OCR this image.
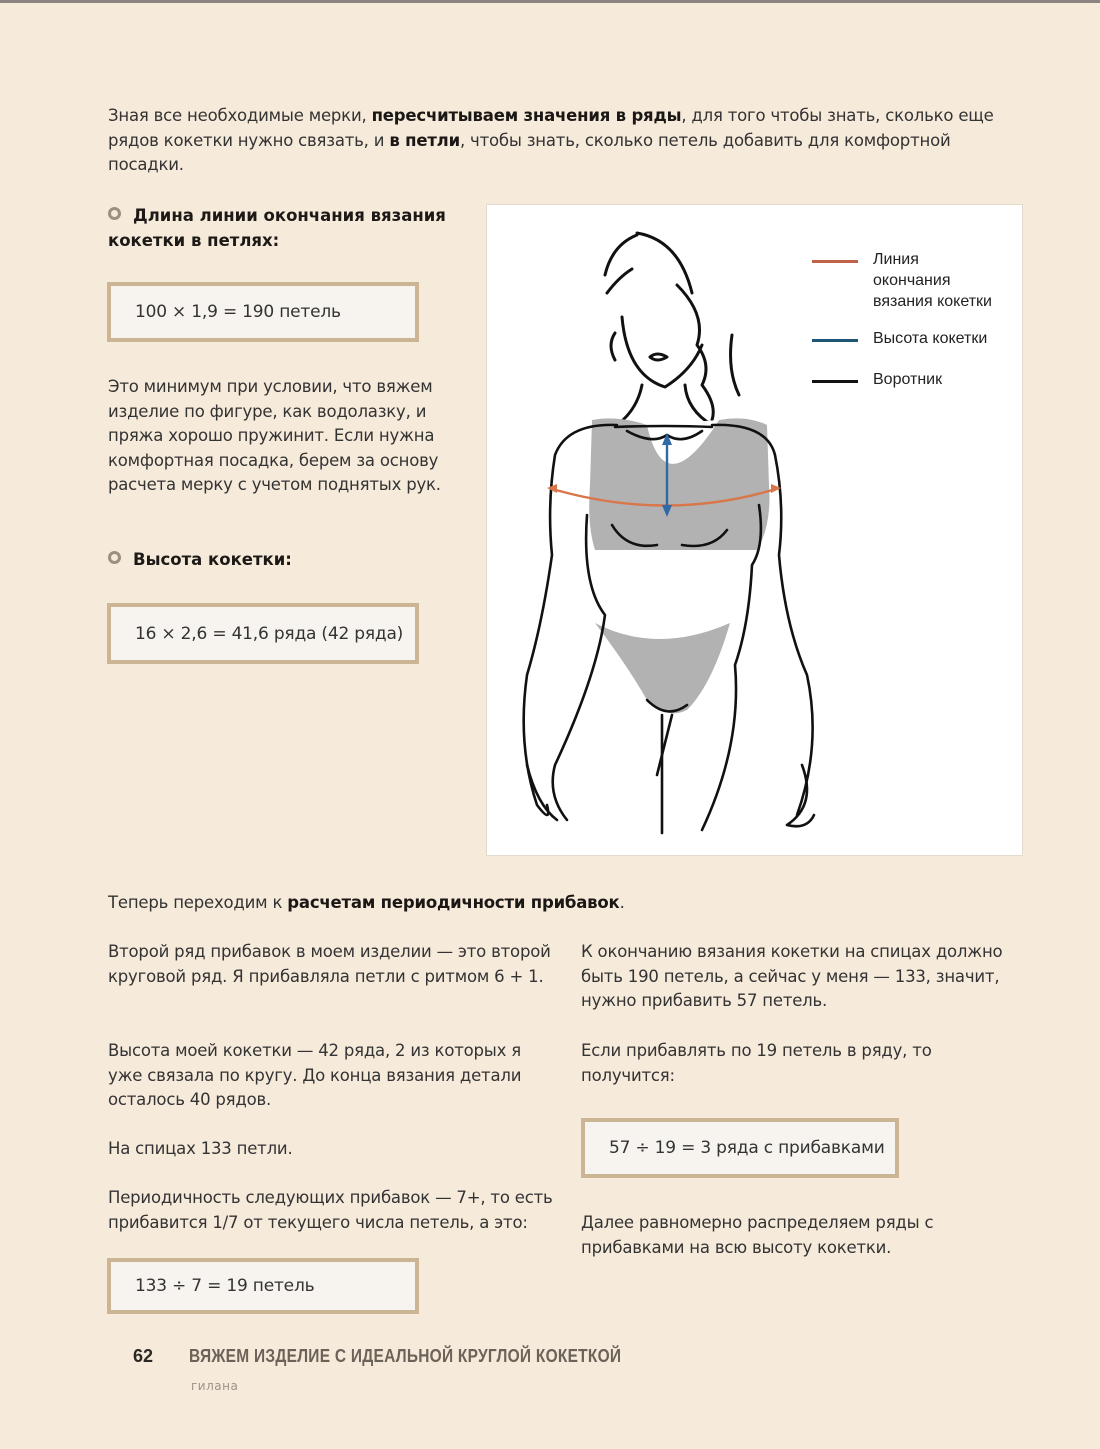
Зная все необходимые мерки, пересчитываем значения в ряды, для того чтобы знать, сколько еще рядов кокетки нужно связать, и в петли, чтобы знать, сколько петель добавить для комфортной посадки.

Длина линии окончания вязания
кокетки в петлях:
100 × 1,9 = 190 петель

Это минимум при условии, что вяжем изделие по фигуре, как водолазку, и пряжа хорошо пружинит. Если нужна комфортная посадка, берем за основу расчета мерку с учетом поднятых рук.

Высота кокетки:
16 × 2,6 = 41,6 ряда (42 ряда)
Линия окончания вязания кокетки
Высота кокетки
Воротник

Теперь переходим к расчетам периодичности прибавок.

Второй ряд прибавок в моем изделии — это второй круговой ряд. Я прибавляла петли с ритмом 6 + 1.

Высота моей кокетки — 42 ряда, 2 из которых я уже связала по кругу. До конца вязания детали осталось 40 рядов.

На спицах 133 петли.

Периодичность следующих прибавок — 7+, то есть прибавится 1/7 от текущего числа петель, а это:

133 ÷ 7 = 19 петель

К окончанию вязания кокетки на спицах должно быть 190 петель, а сейчас у меня — 133, значит, нужно прибавить 57 петель.

Если прибавлять по 19 петель в ряду, то получится:

57 ÷ 19 = 3 ряда с прибавками

Далее равномерно распределяем ряды с прибавками на всю высоту кокетки.

62 ВЯЖЕМ ИЗДЕЛИЕ С ИДЕАЛЬНОЙ КРУГЛОЙ КОКЕТКОЙ
гилана
